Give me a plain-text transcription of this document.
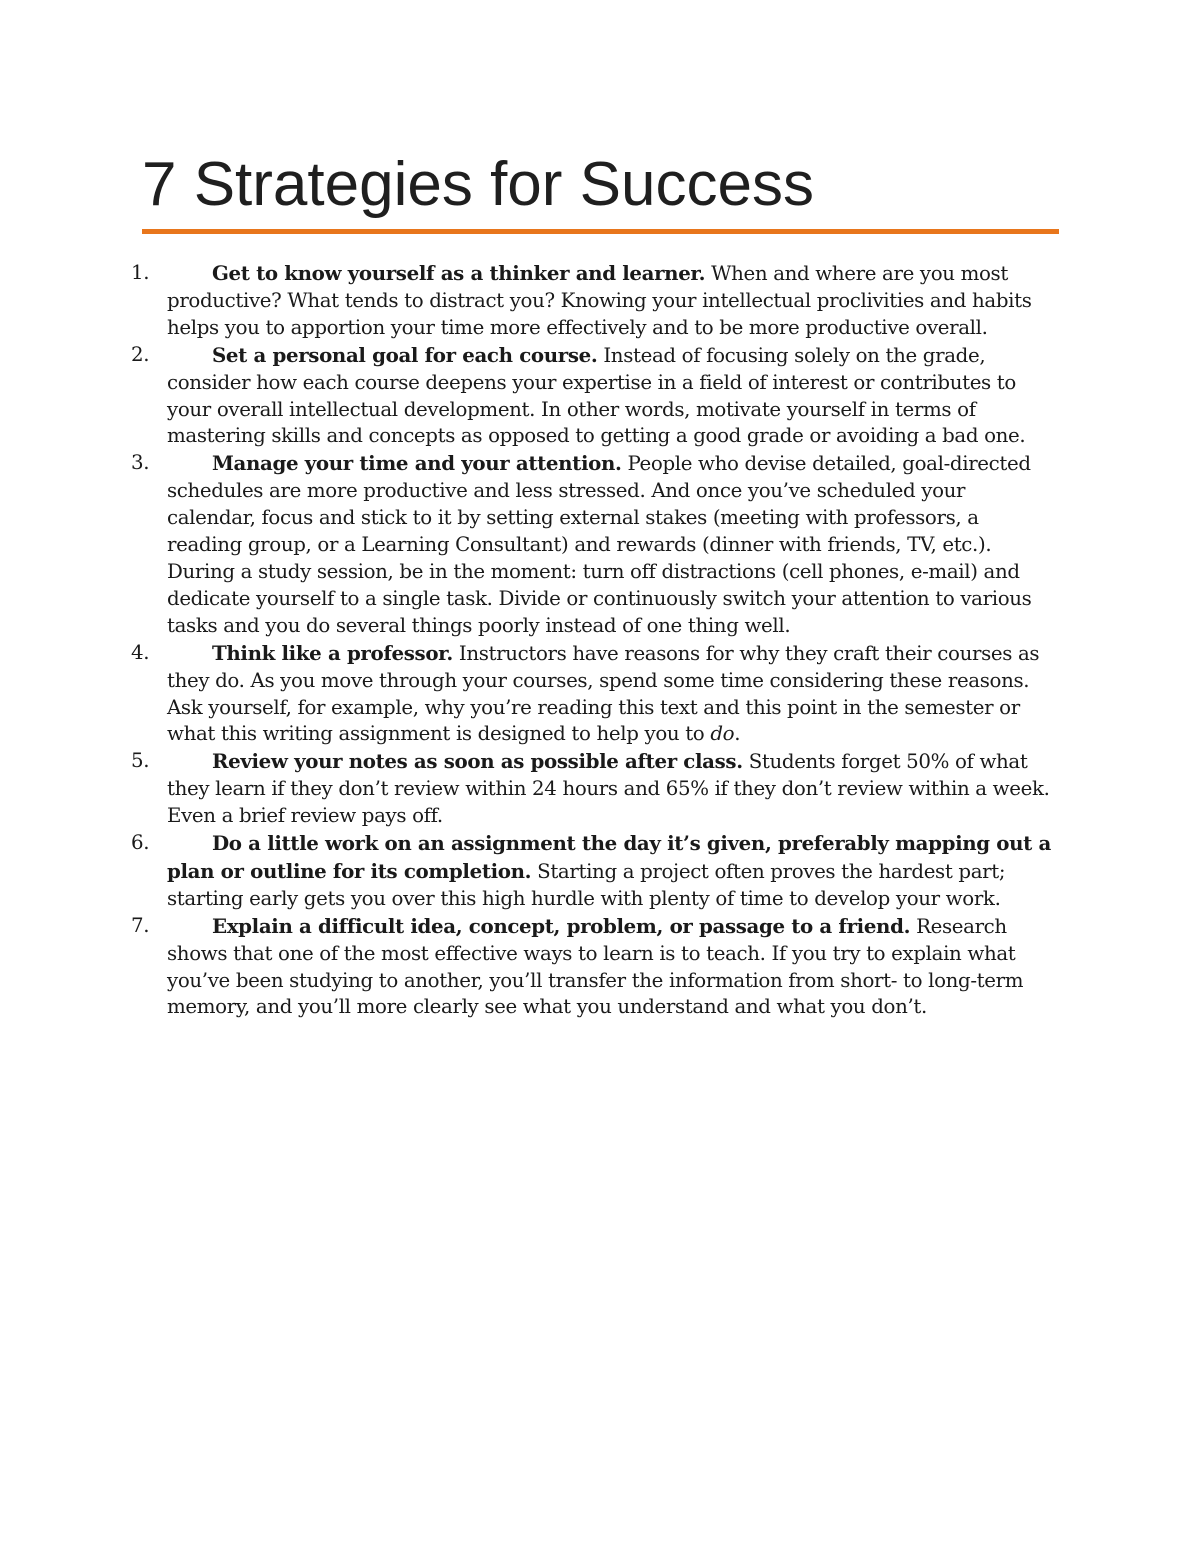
7 Strategies for Success
1.	Get to know yourself as a thinker and learner. When and where are you most productive? What tends to distract you? Knowing your intellectual proclivities and habits helps you to apportion your time more effectively and to be more productive overall.
2.	Set a personal goal for each course. Instead of focusing solely on the grade, consider how each course deepens your expertise in a field of interest or contributes to your overall intellectual development. In other words, motivate yourself in terms of mastering skills and concepts as opposed to getting a good grade or avoiding a bad one.
3.	Manage your time and your attention. People who devise detailed, goal-directed schedules are more productive and less stressed. And once you’ve scheduled your calendar, focus and stick to it by setting external stakes (meeting with professors, a reading group, or a Learning Consultant) and rewards (dinner with friends, TV, etc.). During a study session, be in the moment: turn off distractions (cell phones, e-mail) and dedicate yourself to a single task. Divide or continuously switch your attention to various tasks and you do several things poorly instead of one thing well.
4.	Think like a professor. Instructors have reasons for why they craft their courses as they do. As you move through your courses, spend some time considering these reasons. Ask yourself, for example, why you’re reading this text and this point in the semester or what this writing assignment is designed to help you to do.
5.	Review your notes as soon as possible after class. Students forget 50% of what they learn if they don’t review within 24 hours and 65% if they don’t review within a week. Even a brief review pays off.
6.	Do a little work on an assignment the day it’s given, preferably mapping out a plan or outline for its completion. Starting a project often proves the hardest part; starting early gets you over this high hurdle with plenty of time to develop your work.
7.	Explain a difficult idea, concept, problem, or passage to a friend. Research shows that one of the most effective ways to learn is to teach. If you try to explain what you’ve been studying to another, you’ll transfer the information from short- to long-term memory, and you’ll more clearly see what you understand and what you don’t.
